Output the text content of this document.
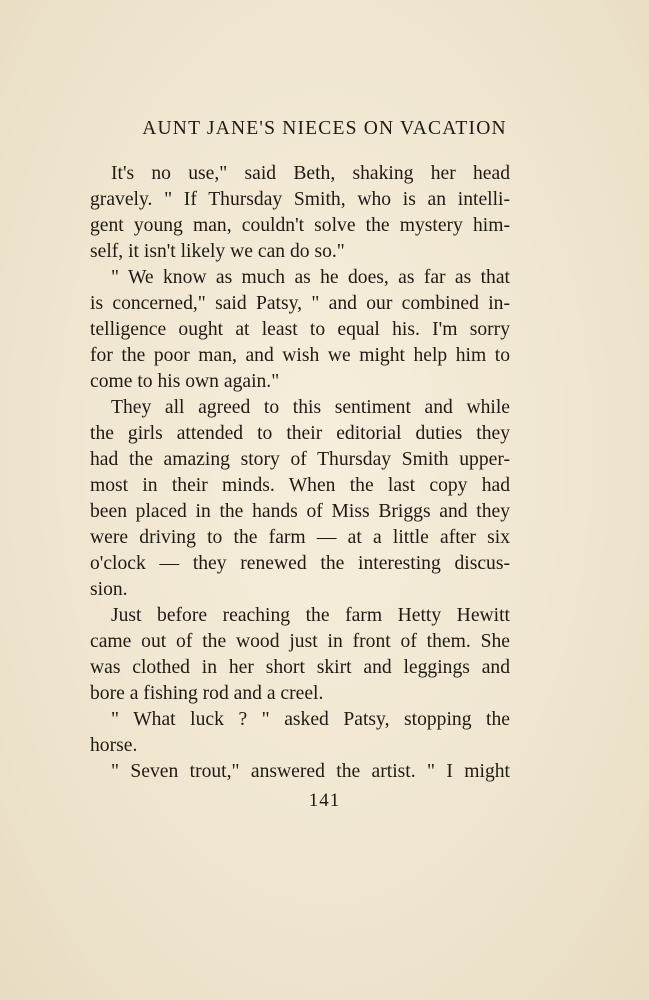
AUNT JANE'S NIECES ON VACATION

It's no use," said Beth, shaking her head
gravely. " If Thursday Smith, who is an intelli-
gent young man, couldn't solve the mystery him-
self, it isn't likely we can do so."

" We know as much as he does, as far as that
is concerned," said Patsy, " and our combined in-
telligence ought at least to equal his. I'm sorry
for the poor man, and wish we might help him to
come to his own again."

They all agreed to this sentiment and while
the girls attended to their editorial duties they
had the amazing story of Thursday Smith upper-
most in their minds. When the last copy had
been placed in the hands of Miss Briggs and they
were driving to the farm — at a little after six
o'clock — they renewed the interesting discus-
sion.

Just before reaching the farm Hetty Hewitt
came out of the wood just in front of them. She
was clothed in her short skirt and leggings and
bore a fishing rod and a creel.

" What luck ? " asked Patsy, stopping the
horse.

" Seven trout," answered the artist. " I might

141
